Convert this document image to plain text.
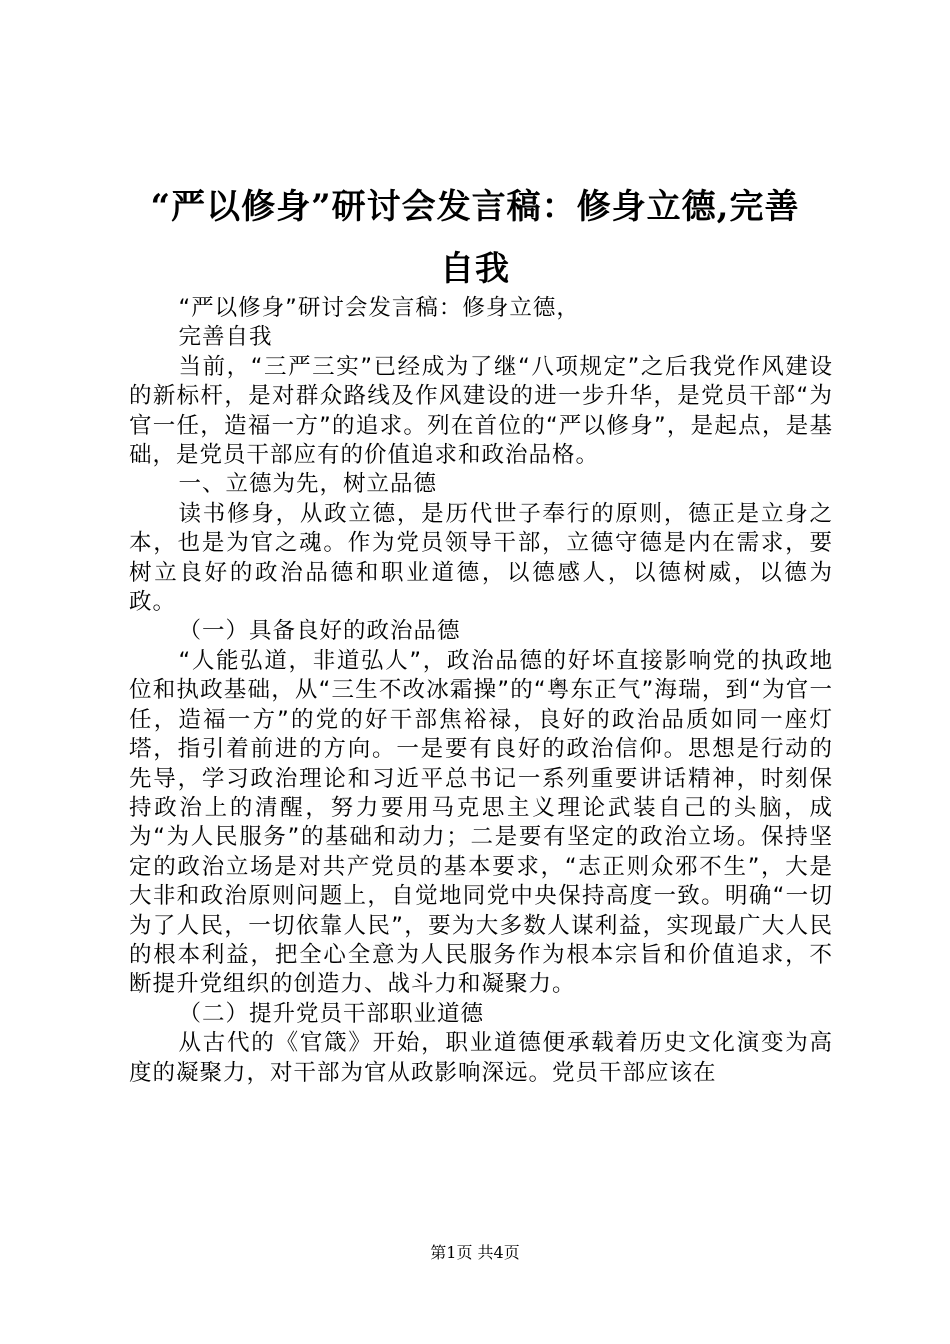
“严以修身”研讨会发言稿：修身立德,完善
自我

“严以修身”研讨会发言稿：修身立德，

完善自我

当前，“三严三实”已经成为了继“八项规定”之后我党作风建设的新标杆，是对群众路线及作风建设的进一步升华，是党员干部“为官一任，造福一方”的追求。列在首位的“严以修身”，是起点，是基础，是党员干部应有的价值追求和政治品格。

一、立德为先，树立品德

读书修身，从政立德，是历代世子奉行的原则，德正是立身之本，也是为官之魂。作为党员领导干部，立德守德是内在需求，要树立良好的政治品德和职业道德，以德感人，以德树威，以德为政。

（一）具备良好的政治品德

“人能弘道，非道弘人”，政治品德的好坏直接影响党的执政地位和执政基础，从“三生不改冰霜操”的“粤东正气”海瑞，到“为官一任，造福一方”的党的好干部焦裕禄，良好的政治品质如同一座灯塔，指引着前进的方向。一是要有良好的政治信仰。思想是行动的先导，学习政治理论和习近平总书记一系列重要讲话精神，时刻保持政治上的清醒，努力要用马克思主义理论武装自己的头脑，成为“为人民服务”的基础和动力；二是要有坚定的政治立场。保持坚定的政治立场是对共产党员的基本要求，“志正则众邪不生”，大是大非和政治原则问题上，自觉地同党中央保持高度一致。明确“一切为了人民，一切依靠人民”，要为大多数人谋利益，实现最广大人民的根本利益，把全心全意为人民服务作为根本宗旨和价值追求，不断提升党组织的创造力、战斗力和凝聚力。

（二）提升党员干部职业道德

从古代的《官箴》开始，职业道德便承载着历史文化演变为高度的凝聚力，对干部为官从政影响深远。党员干部应该在

第1页 共4页
